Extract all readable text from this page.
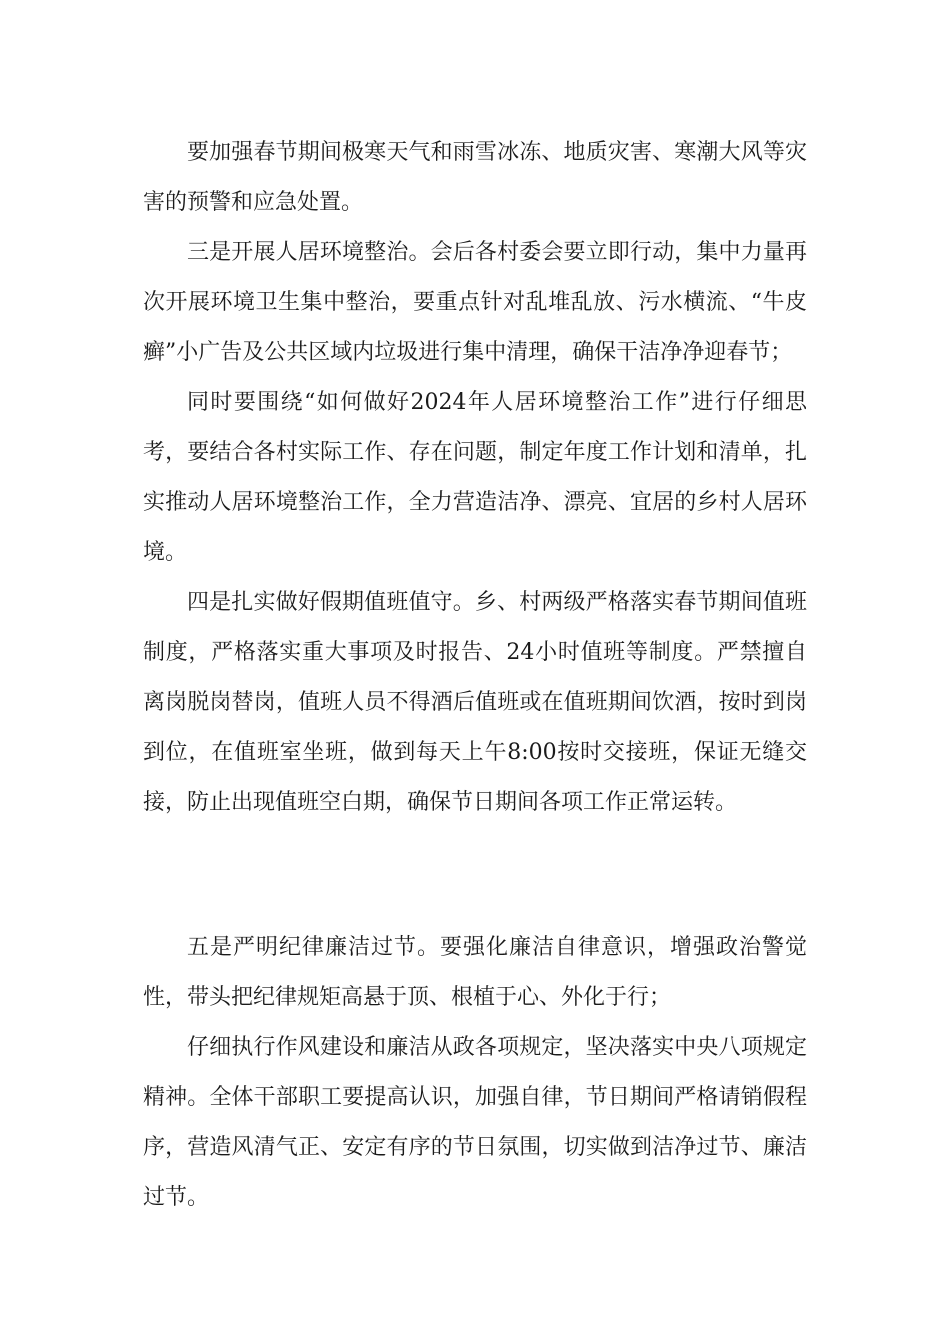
要加强春节期间极寒天气和雨雪冰冻、地质灾害、寒潮大风等灾害的预警和应急处置。

三是开展人居环境整治。会后各村委会要立即行动，集中力量再次开展环境卫生集中整治，要重点针对乱堆乱放、污水横流、“牛皮癣”小广告及公共区域内垃圾进行集中清理，确保干洁净净迎春节；

同时要围绕“如何做好2024年人居环境整治工作”进行仔细思考，要结合各村实际工作、存在问题，制定年度工作计划和清单，扎实推动人居环境整治工作，全力营造洁净、漂亮、宜居的乡村人居环境。

四是扎实做好假期值班值守。乡、村两级严格落实春节期间值班制度，严格落实重大事项及时报告、24小时值班等制度。严禁擅自离岗脱岗替岗，值班人员不得酒后值班或在值班期间饮酒，按时到岗到位，在值班室坐班，做到每天上午8:00按时交接班，保证无缝交接，防止出现值班空白期，确保节日期间各项工作正常运转。

五是严明纪律廉洁过节。要强化廉洁自律意识，增强政治警觉性，带头把纪律规矩高悬于顶、根植于心、外化于行；

仔细执行作风建设和廉洁从政各项规定，坚决落实中央八项规定精神。全体干部职工要提高认识，加强自律，节日期间严格请销假程序，营造风清气正、安定有序的节日氛围，切实做到洁净过节、廉洁过节。
